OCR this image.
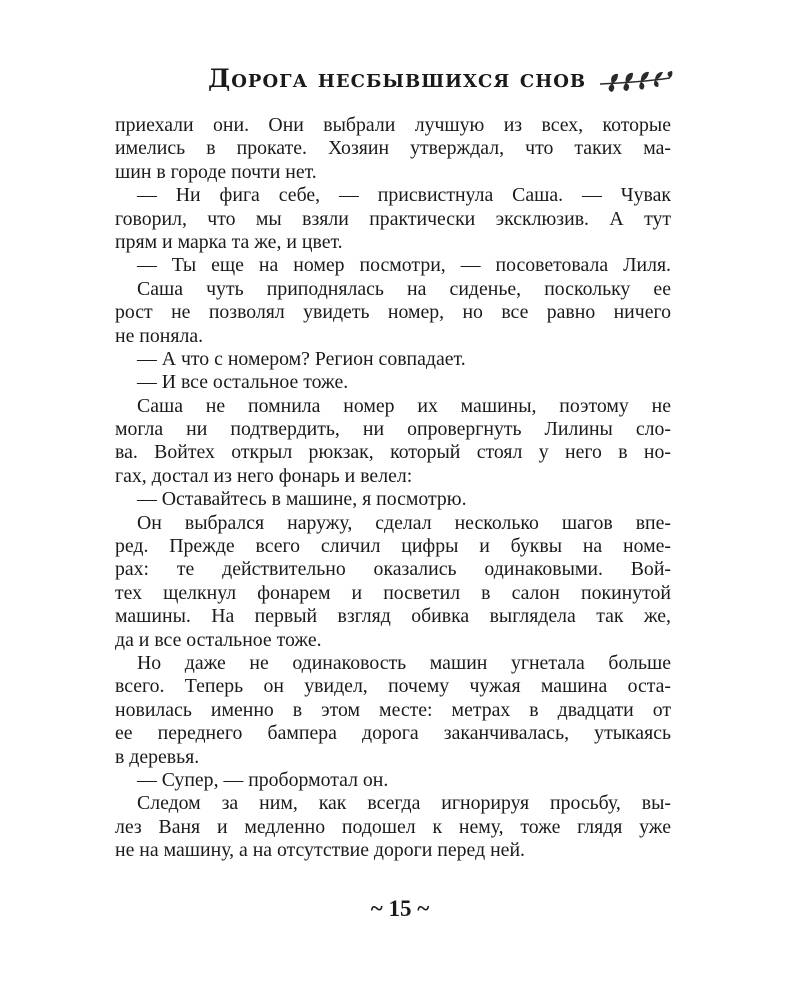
Дорога несбывшихся снов
приехали они. Они выбрали лучшую из всех, которые
имелись в прокате. Хозяин утверждал, что таких ма-
шин в городе почти нет.
— Ни фига себе, — присвистнула Саша. — Чувак
говорил, что мы взяли практически эксклюзив. А тут
прям и марка та же, и цвет.
— Ты еще на номер посмотри, — посоветовала Лиля.
Саша чуть приподнялась на сиденье, поскольку ее
рост не позволял увидеть номер, но все равно ничего
не поняла.
— А что с номером? Регион совпадает.
— И все остальное тоже.
Саша не помнила номер их машины, поэтому не
могла ни подтвердить, ни опровергнуть Лилины сло-
ва. Войтех открыл рюкзак, который стоял у него в но-
гах, достал из него фонарь и велел:
— Оставайтесь в машине, я посмотрю.
Он выбрался наружу, сделал несколько шагов впе-
ред. Прежде всего сличил цифры и буквы на номе-
рах: те действительно оказались одинаковыми. Вой-
тех щелкнул фонарем и посветил в салон покинутой
машины. На первый взгляд обивка выглядела так же,
да и все остальное тоже.
Но даже не одинаковость машин угнетала больше
всего. Теперь он увидел, почему чужая машина оста-
новилась именно в этом месте: метрах в двадцати от
ее переднего бампера дорога заканчивалась, утыкаясь
в деревья.
— Супер, — пробормотал он.
Следом за ним, как всегда игнорируя просьбу, вы-
лез Ваня и медленно подошел к нему, тоже глядя уже
не на машину, а на отсутствие дороги перед ней.
~ 15 ~
